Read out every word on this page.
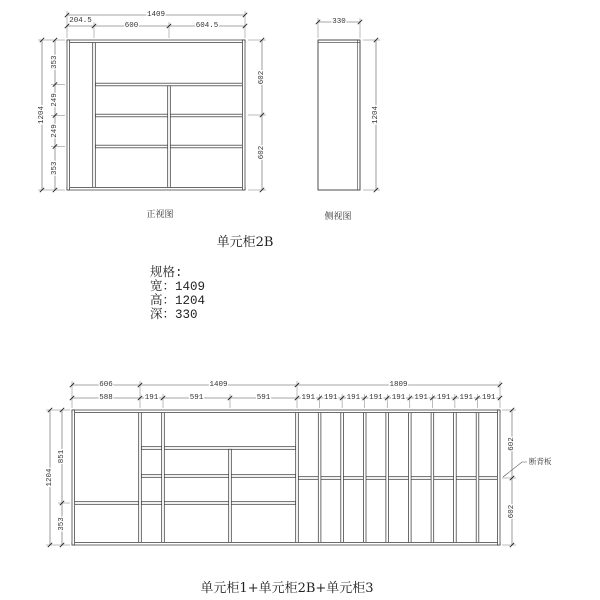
1409
204.5
600	604.5
1204
353
249
249
353
602
602
正视图
330
1204
侧视图
单元柜2B
规格:
宽：1409
高：1204
深：330
606	1409	1809
588	191	591	591	191 191 191 191 191 191 191 191 191
1204
851
353
602
602
断背板
单元柜1+单元柜2B+单元柜3
